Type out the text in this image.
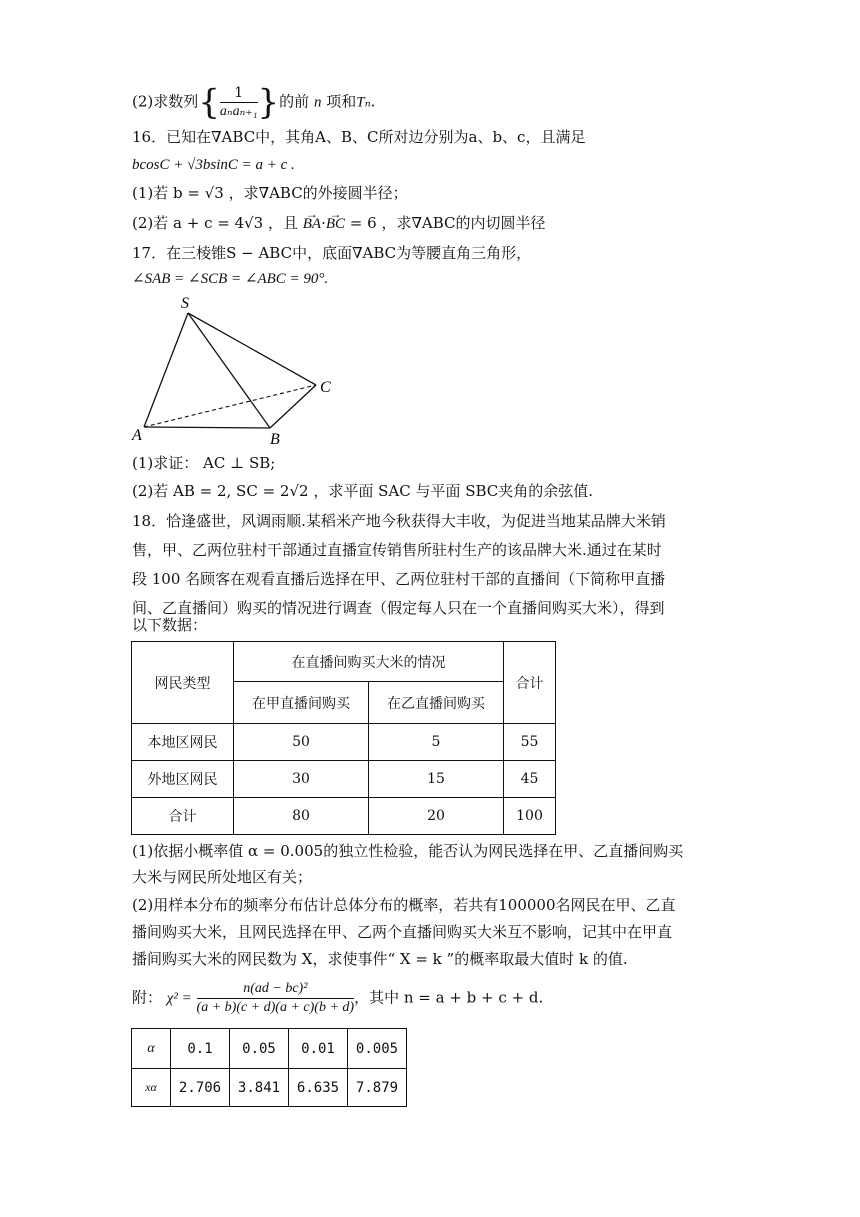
(2)求数列{	1
aₙaₙ₊₁ }的前 n 项和Tₙ.
16．已知在∇ABC中，其角A、B、C所对边分别为a、b、c，且满足
bcosC + √3bsinC = a + c .
(1)若 b = √3 ，求∇ABC的外接圆半径；
(2)若 a + c = 4√3 ，且 → BA·→ BC = 6 ，求∇ABC的内切圆半径
17．在三棱锥S − ABC中，底面∇ABC为等腰直角三角形，
∠SAB = ∠SCB = ∠ABC = 90°.
S
A	B
C
(1)求证： AC ⊥ SB;
(2)若 AB = 2, SC = 2√2 ，求平面 SAC 与平面 SBC夹角的余弦值.
18．恰逢盛世，风调雨顺.某稻米产地今秋获得大丰收，为促进当地某品牌大米销
售，甲、乙两位驻村干部通过直播宣传销售所驻村生产的该品牌大米.通过在某时
段 100 名顾客在观看直播后选择在甲、乙两位驻村干部的直播间（下简称甲直播
间、乙直播间）购买的情况进行调查（假定每人只在一个直播间购买大米），得到
以下数据：
网民类型	在直播间购买大米的情况		合计
	在甲直播间购买	在乙直播间购买	
本地区网民	50	5	55
外地区网民	30	15	45
合计	80	20	100
(1)依据小概率值 α = 0.005的独立性检验，能否认为网民选择在甲、乙直播间购买
大米与网民所处地区有关；
(2)用样本分布的频率分布估计总体分布的概率，若共有100000名网民在甲、乙直
播间购买大米，且网民选择在甲、乙两个直播间购买大米互不影响，记其中在甲直
播间购买大米的网民数为 X，求使事件“ X = k ”的概率取最大值时 k 的值.
附： $\chi^2 = \frac{\text{n(ad − bc)²}}{(a + b)(c + d)(a + c)(b + d)}$ ，其中 n = a + b + c + d.
α	0.1	0.05	0.01	0.005
xα	2.706	3.841	6.635	7.879
